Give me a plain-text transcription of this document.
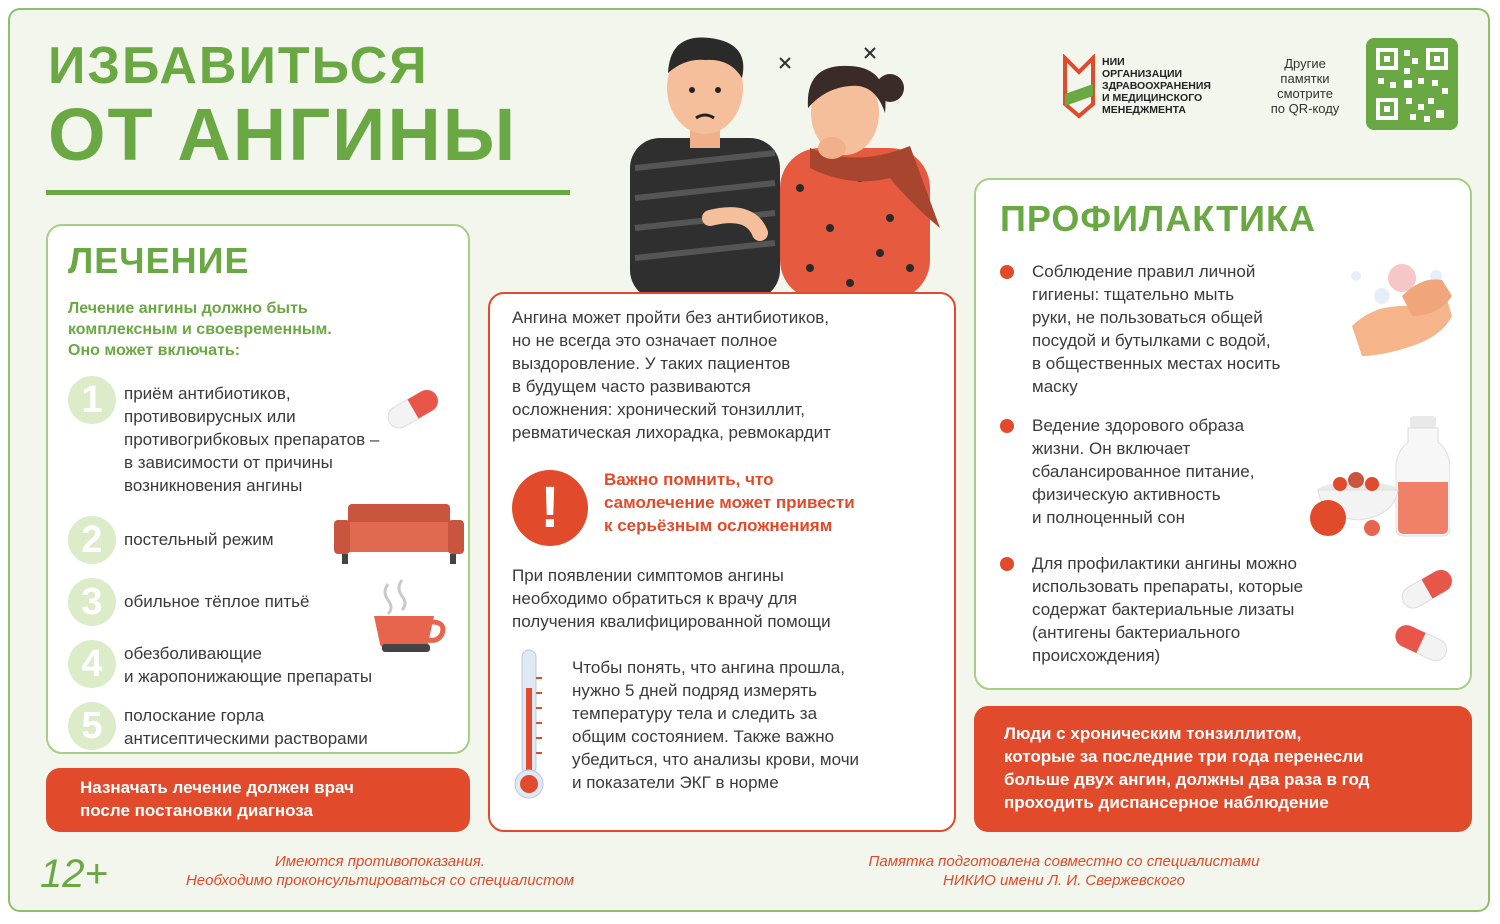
ИЗБАВИТЬСЯ
ОТ АНГИНЫ
НИИ
ОРГАНИЗАЦИИ
ЗДРАВООХРАНЕНИЯ
И МЕДИЦИНСКОГО
МЕНЕДЖМЕНТА
Другие
памятки
смотрите
по QR-коду
ЛЕЧЕНИЕ
Лечение ангины должно быть
комплексным и своевременным.
Оно может включать:
1	приём антибиотиков,
противовирусных или
противогрибковых препаратов –
в зависимости от причины
возникновения ангины
2	постельный режим
3	обильное тёплое питьё
4	обезболивающие
и жаропонижающие препараты
5	полоскание горла
антисептическими растворами
Назначать лечение должен врач
после постановки диагноза
Ангина может пройти без антибиотиков,
но не всегда это означает полное
выздоровление. У таких пациентов
в будущем часто развиваются
осложнения: хронический тонзиллит,
ревматическая лихорадка, ревмокардит
!	Важно помнить, что
самолечение может привести
к серьёзным осложнениям
При появлении симптомов ангины
необходимо обратиться к врачу для
получения квалифицированной помощи
Чтобы понять, что ангина прошла,
нужно 5 дней подряд измерять
температуру тела и следить за
общим состоянием. Также важно
убедиться, что анализы крови, мочи
и показатели ЭКГ в норме
ПРОФИЛАКТИКА
Соблюдение правил личной
гигиены: тщательно мыть
руки, не пользоваться общей
посудой и бутылками с водой,
в общественных местах носить
маску
Ведение здорового образа
жизни. Он включает
сбалансированное питание,
физическую активность
и полноценный сон
Для профилактики ангины можно
использовать препараты, которые
содержат бактериальные лизаты
(антигены бактериального
происхождения)
Люди с хроническим тонзиллитом,
которые за последние три года перенесли
больше двух ангин, должны два раза в год
проходить диспансерное наблюдение
12+	Имеются противопоказания.
Необходимо проконсультироваться со специалистом
Памятка подготовлена совместно со специалистами
НИКИО имени Л. И. Свержевского
